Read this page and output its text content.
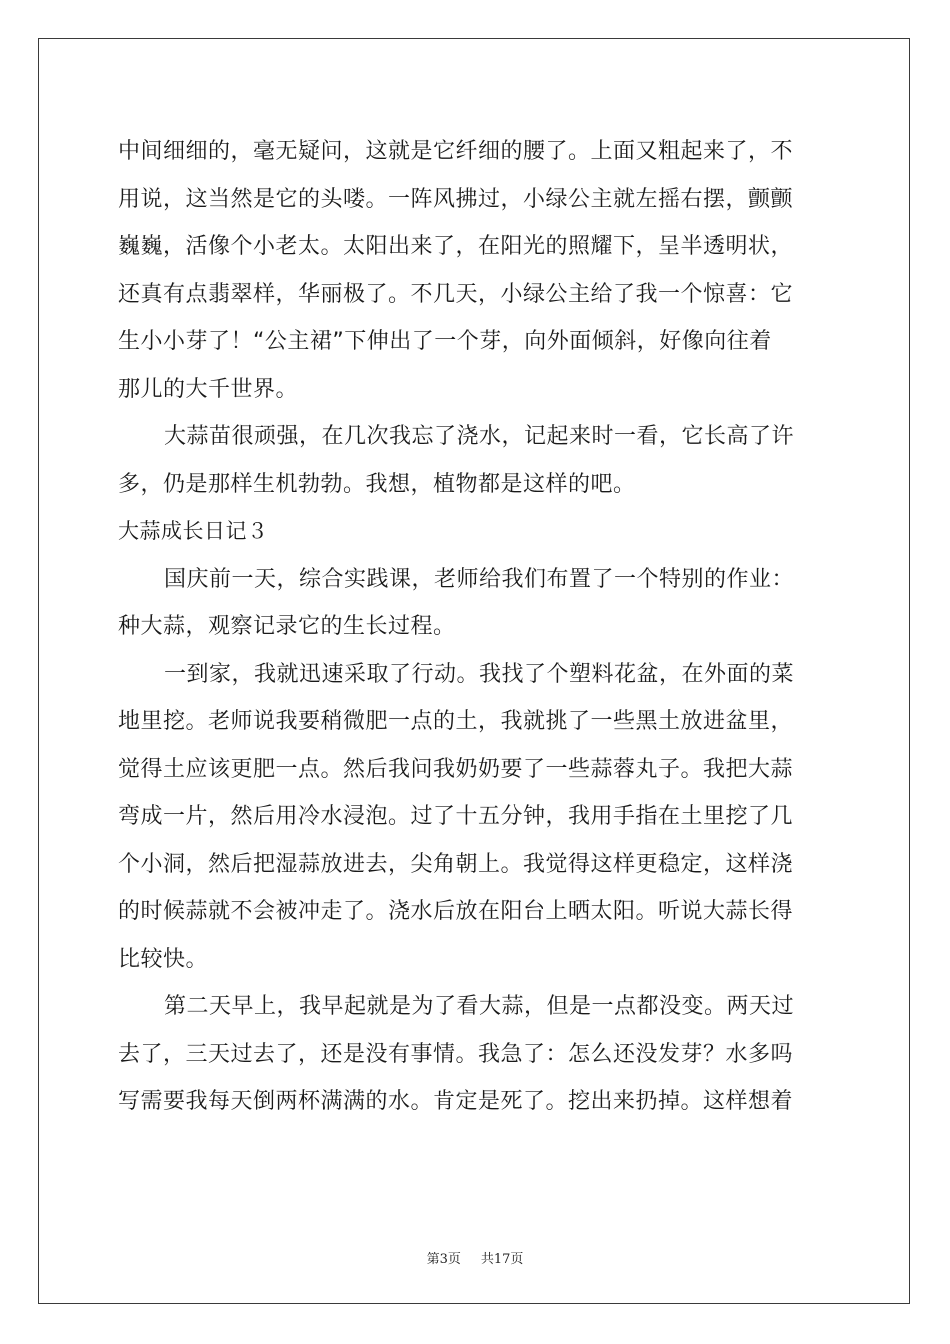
中间细细的，毫无疑问，这就是它纤细的腰了。上面又粗起来了，不
用说，这当然是它的头喽。一阵风拂过，小绿公主就左摇右摆，颤颤
巍巍，活像个小老太。太阳出来了，在阳光的照耀下，呈半透明状，
还真有点翡翠样，华丽极了。不几天，小绿公主给了我一个惊喜：它
生小小芽了！“公主裙”下伸出了一个芽，向外面倾斜，好像向往着
那儿的大千世界。
大蒜苗很顽强，在几次我忘了浇水，记起来时一看，它长高了许
多，仍是那样生机勃勃。我想，植物都是这样的吧。
大蒜成长日记３
国庆前一天，综合实践课，老师给我们布置了一个特别的作业：
种大蒜，观察记录它的生长过程。
一到家，我就迅速采取了行动。我找了个塑料花盆，在外面的菜
地里挖。老师说我要稍微肥一点的土，我就挑了一些黑土放进盆里，
觉得土应该更肥一点。然后我问我奶奶要了一些蒜蓉丸子。我把大蒜
弯成一片，然后用冷水浸泡。过了十五分钟，我用手指在土里挖了几
个小洞，然后把湿蒜放进去，尖角朝上。我觉得这样更稳定，这样浇
的时候蒜就不会被冲走了。浇水后放在阳台上晒太阳。听说大蒜长得
比较快。
第二天早上，我早起就是为了看大蒜，但是一点都没变。两天过
去了，三天过去了，还是没有事情。我急了：怎么还没发芽？水多吗
写需要我每天倒两杯满满的水。肯定是死了。挖出来扔掉。这样想着
第3页 共17页
